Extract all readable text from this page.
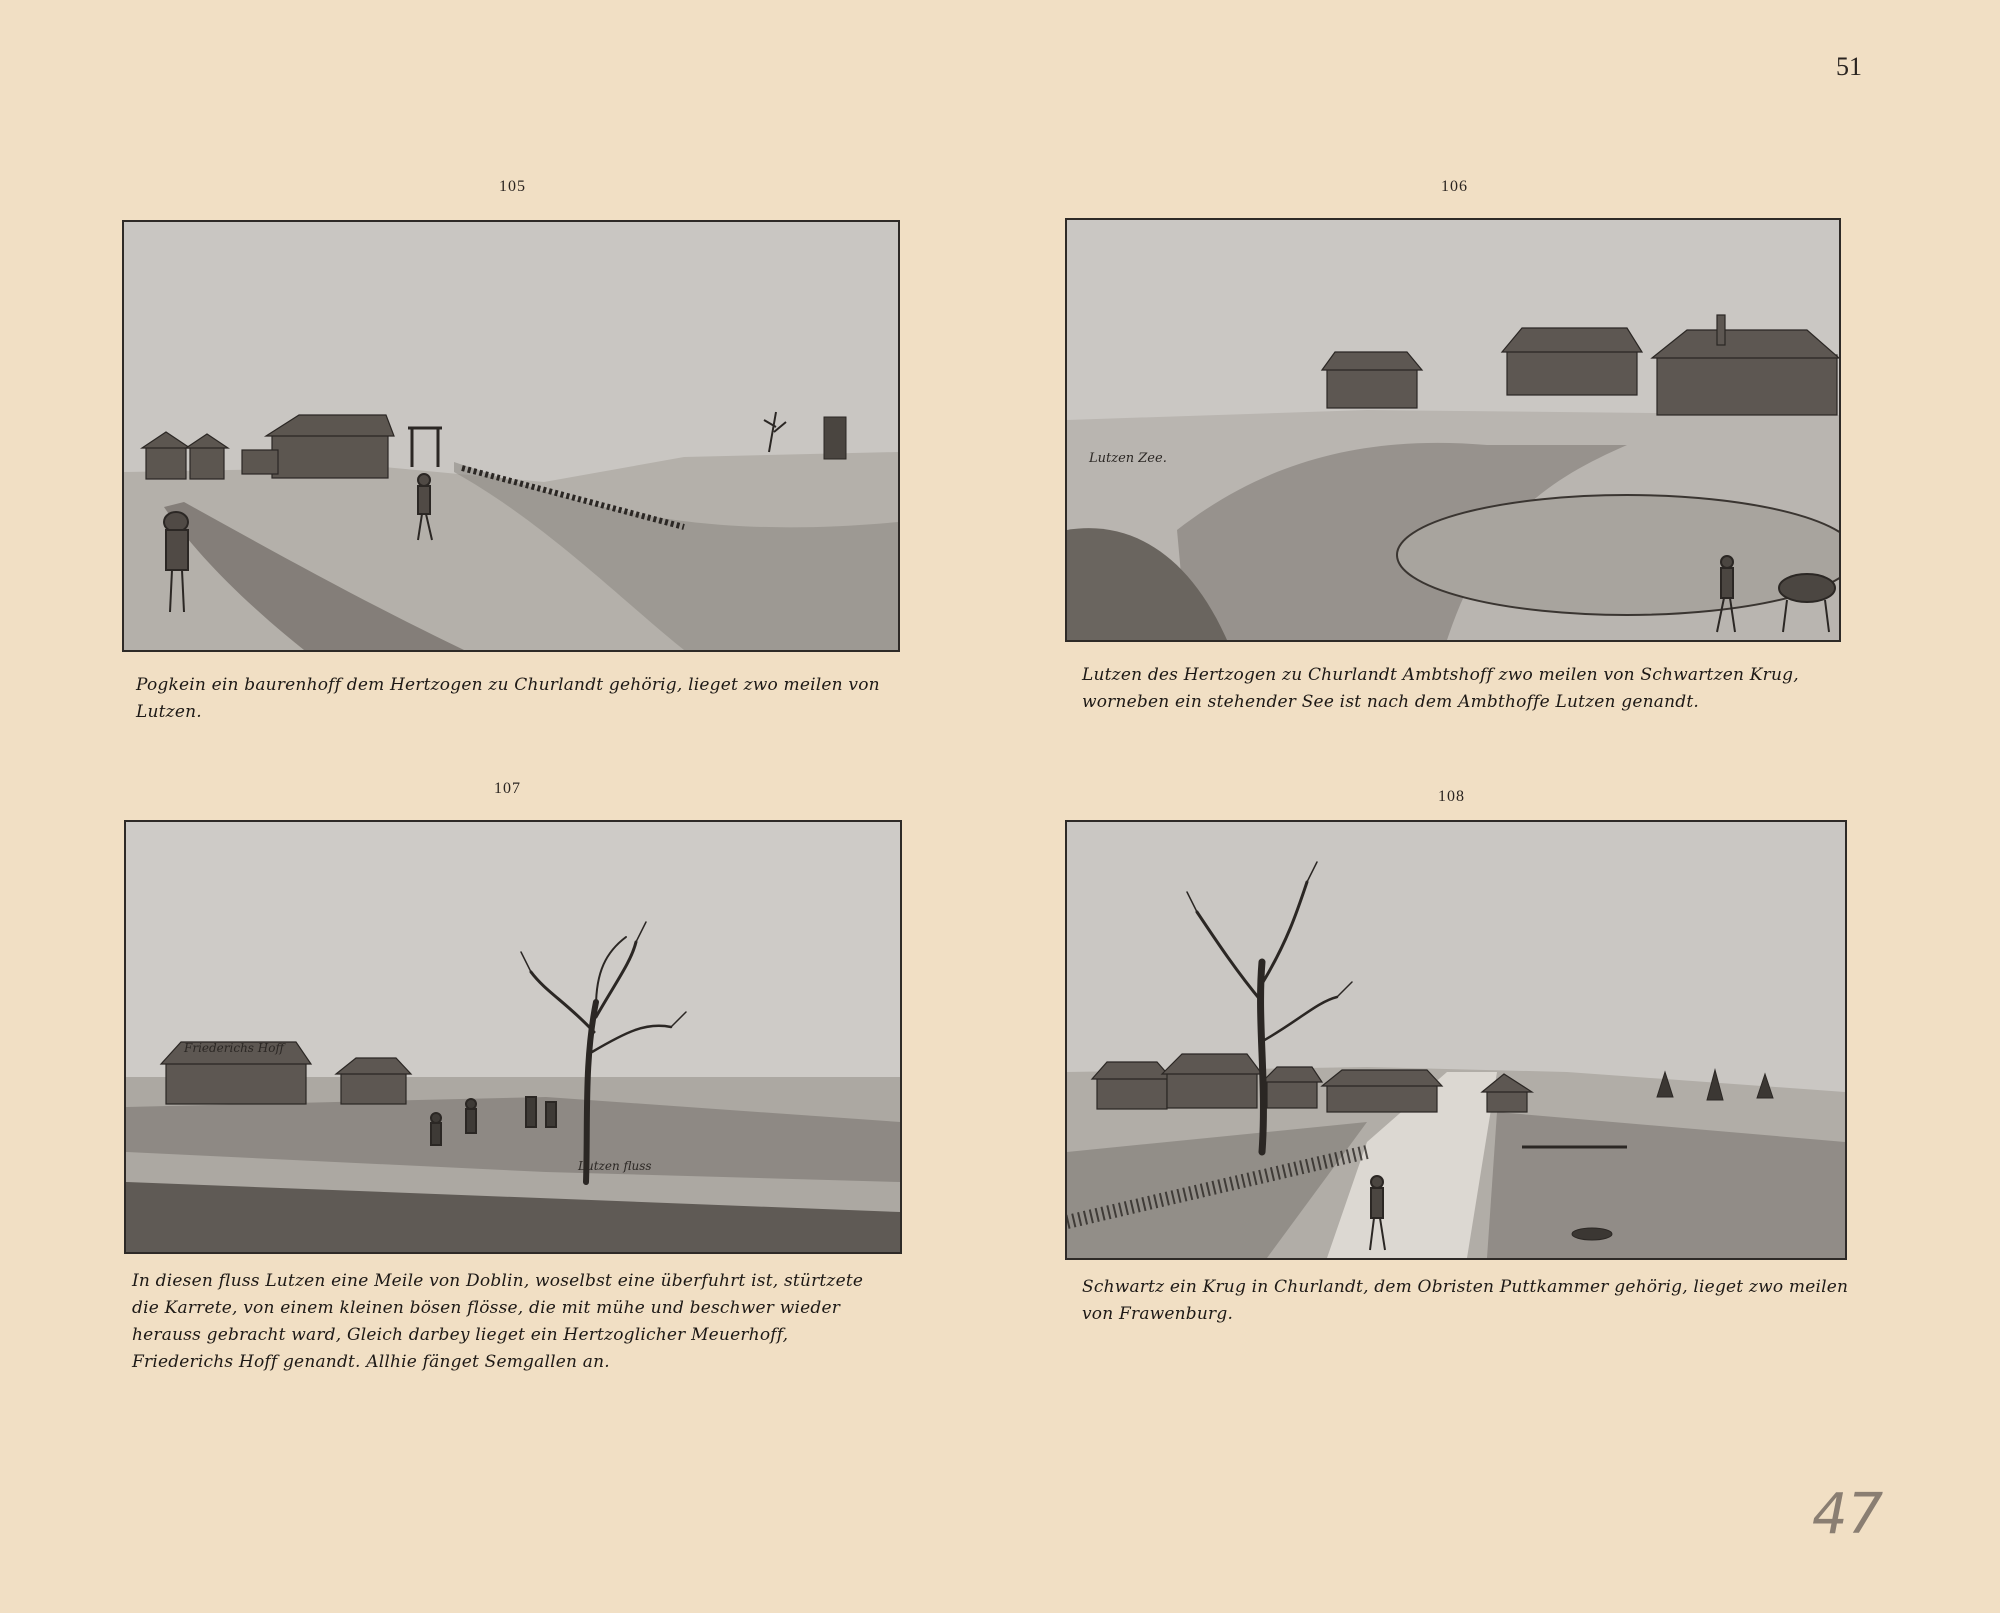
51
105
Pogkein ein baurenhoff dem Hertzogen zu Churlandt gehörig, lieget zwo meilen von Lutzen.
106
Lutzen Zee.
Lutzen des Hertzogen zu Churlandt Ambtshoff zwo meilen von Schwartzen Krug, worneben ein stehender See ist nach dem Ambthoffe Lutzen genandt.
107
Friederichs Hoff
Lutzen fluss
In diesen fluss Lutzen eine Meile von Doblin, woselbst eine überfuhrt ist, stürtzete die Karrete, von einem kleinen bösen flösse, die mit mühe und beschwer wieder herauss gebracht ward, Gleich darbey lieget ein Hertzoglicher Meuerhoff, Friederichs Hoff genandt. Allhie fänget Semgallen an.
108
Schwartz ein Krug in Churlandt, dem Obristen Puttkammer gehörig, lieget zwo meilen von Frawenburg.
47
